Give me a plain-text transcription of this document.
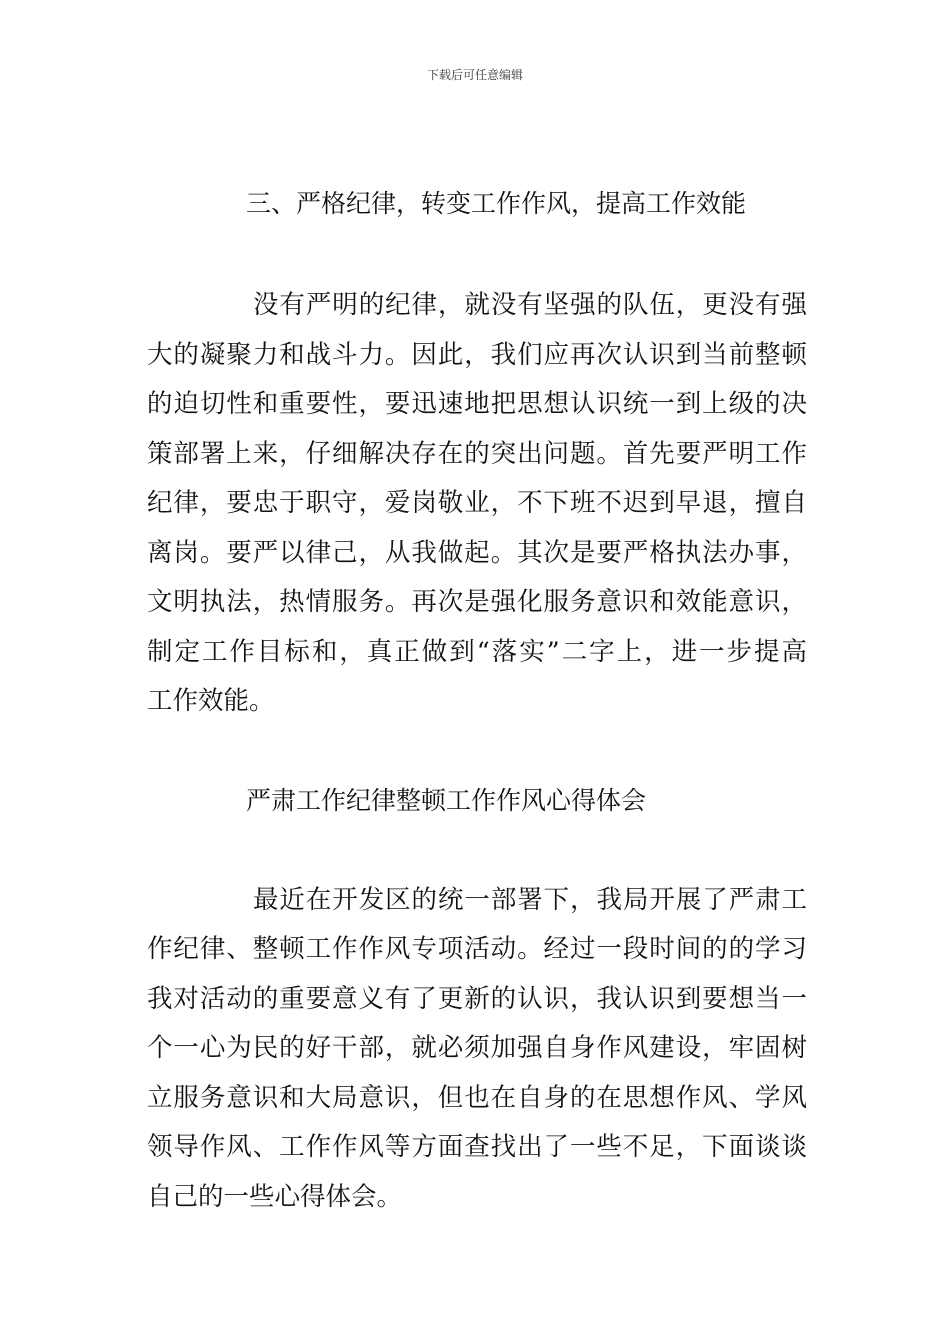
下载后可任意编辑
三、严格纪律，转变工作作风，提高工作效能
没有严明的纪律，就没有坚强的队伍，更没有强
大的凝聚力和战斗力。因此，我们应再次认识到当前整顿
的迫切性和重要性，要迅速地把思想认识统一到上级的决
策部署上来，仔细解决存在的突出问题。首先要严明工作
纪律，要忠于职守，爱岗敬业，不下班不迟到早退，擅自
离岗。要严以律己，从我做起。其次是要严格执法办事，
文明执法，热情服务。再次是强化服务意识和效能意识，
制定工作目标和，真正做到“落实”二字上，进一步提高
工作效能。
严肃工作纪律整顿工作作风心得体会
最近在开发区的统一部署下，我局开展了严肃工
作纪律、整顿工作作风专项活动。经过一段时间的的学习
我对活动的重要意义有了更新的认识，我认识到要想当一
个一心为民的好干部，就必须加强自身作风建设，牢固树
立服务意识和大局意识，但也在自身的在思想作风、学风
领导作风、工作作风等方面查找出了一些不足，下面谈谈
自己的一些心得体会。
